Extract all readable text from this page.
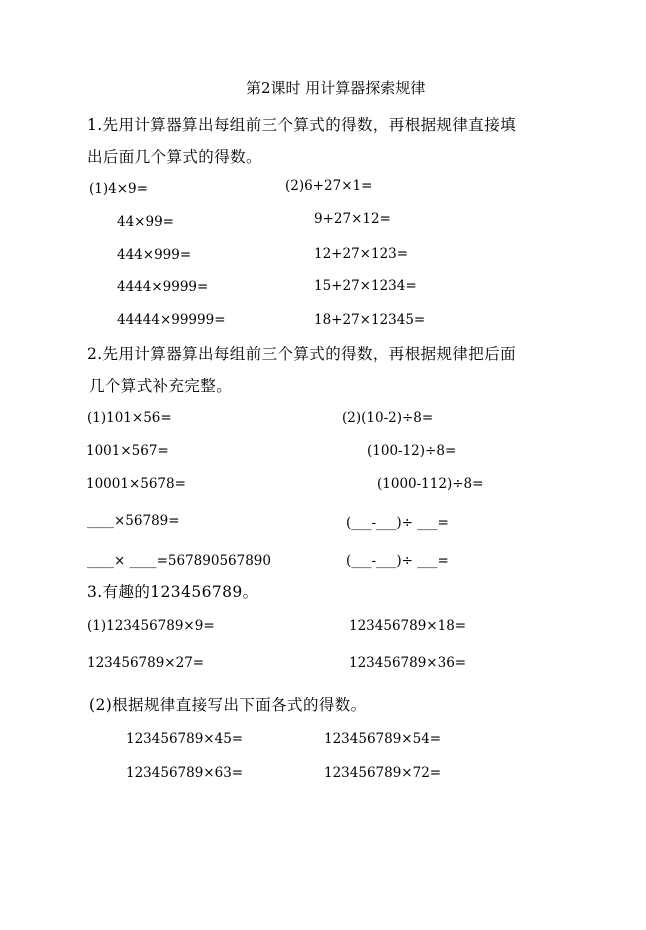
第2课时 用计算器探索规律
1.先用计算器算出每组前三个算式的得数，再根据规律直接填
出后面几个算式的得数。
(1)4×9=
44×99=
444×999=
4444×9999=
44444×99999=
(2)6+27×1=
9+27×12=
12+27×123=
15+27×1234=
18+27×12345=
2.先用计算器算出每组前三个算式的得数，再根据规律把后面
几个算式补充完整。
(1)101×56=
1001×567=
10001×5678=
____×56789=
____× ____=567890567890
(2)(10-2)÷8=
(100-12)÷8=
(1000-112)÷8=
(___-___)÷ ___=
(___-___)÷ ___=
3.有趣的123456789。
(1)123456789×9=	123456789×18=
123456789×27=	123456789×36=
(2)根据规律直接写出下面各式的得数。
123456789×45=	123456789×54=
123456789×63=	123456789×72=
